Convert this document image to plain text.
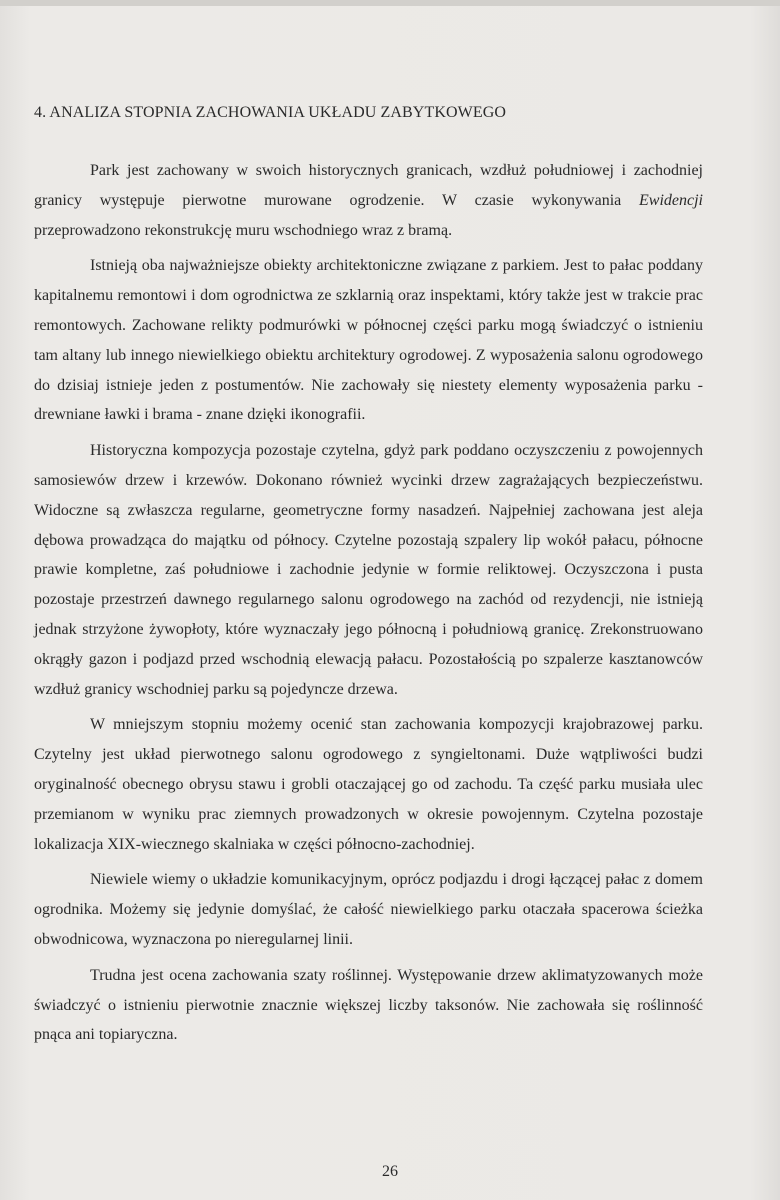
4. ANALIZA STOPNIA ZACHOWANIA UKŁADU ZABYTKOWEGO

Park jest zachowany w swoich historycznych granicach, wzdłuż południowej i zachodniej granicy występuje pierwotne murowane ogrodzenie. W czasie wykonywania Ewidencji przeprowadzono rekonstrukcję muru wschodniego wraz z bramą.

Istnieją oba najważniejsze obiekty architektoniczne związane z parkiem. Jest to pałac poddany kapitalnemu remontowi i dom ogrodnictwa ze szklarnią oraz inspektami, który także jest w trakcie prac remontowych. Zachowane relikty podmurówki w północnej części parku mogą świadczyć o istnieniu tam altany lub innego niewielkiego obiektu architektury ogrodowej. Z wyposażenia salonu ogrodowego do dzisiaj istnieje jeden z postumentów. Nie zachowały się niestety elementy wyposażenia parku - drewniane ławki i brama - znane dzięki ikonografii.

Historyczna kompozycja pozostaje czytelna, gdyż park poddano oczyszczeniu z powojennych samosiewów drzew i krzewów. Dokonano również wycinki drzew zagrażających bezpieczeństwu. Widoczne są zwłaszcza regularne, geometryczne formy nasadzeń. Najpełniej zachowana jest aleja dębowa prowadząca do majątku od północy. Czytelne pozostają szpalery lip wokół pałacu, północne prawie kompletne, zaś południowe i zachodnie jedynie w formie reliktowej. Oczyszczona i pusta pozostaje przestrzeń dawnego regularnego salonu ogrodowego na zachód od rezydencji, nie istnieją jednak strzyżone żywopłoty, które wyznaczały jego północną i południową granicę. Zrekonstruowano okrągły gazon i podjazd przed wschodnią elewacją pałacu. Pozostałością po szpalerze kasztanowców wzdłuż granicy wschodniej parku są pojedyncze drzewa.

W mniejszym stopniu możemy ocenić stan zachowania kompozycji krajobrazowej parku. Czytelny jest układ pierwotnego salonu ogrodowego z syngieltonami. Duże wątpliwości budzi oryginalność obecnego obrysu stawu i grobli otaczającej go od zachodu. Ta część parku musiała ulec przemianom w wyniku prac ziemnych prowadzonych w okresie powojennym. Czytelna pozostaje lokalizacja XIX-wiecznego skalniaka w części północno-zachodniej.

Niewiele wiemy o układzie komunikacyjnym, oprócz podjazdu i drogi łączącej pałac z domem ogrodnika. Możemy się jedynie domyślać, że całość niewielkiego parku otaczała spacerowa ścieżka obwodnicowa, wyznaczona po nieregularnej linii.

Trudna jest ocena zachowania szaty roślinnej. Występowanie drzew aklimatyzowanych może świadczyć o istnieniu pierwotnie znacznie większej liczby taksonów. Nie zachowała się roślinność pnąca ani topiaryczna.

26
